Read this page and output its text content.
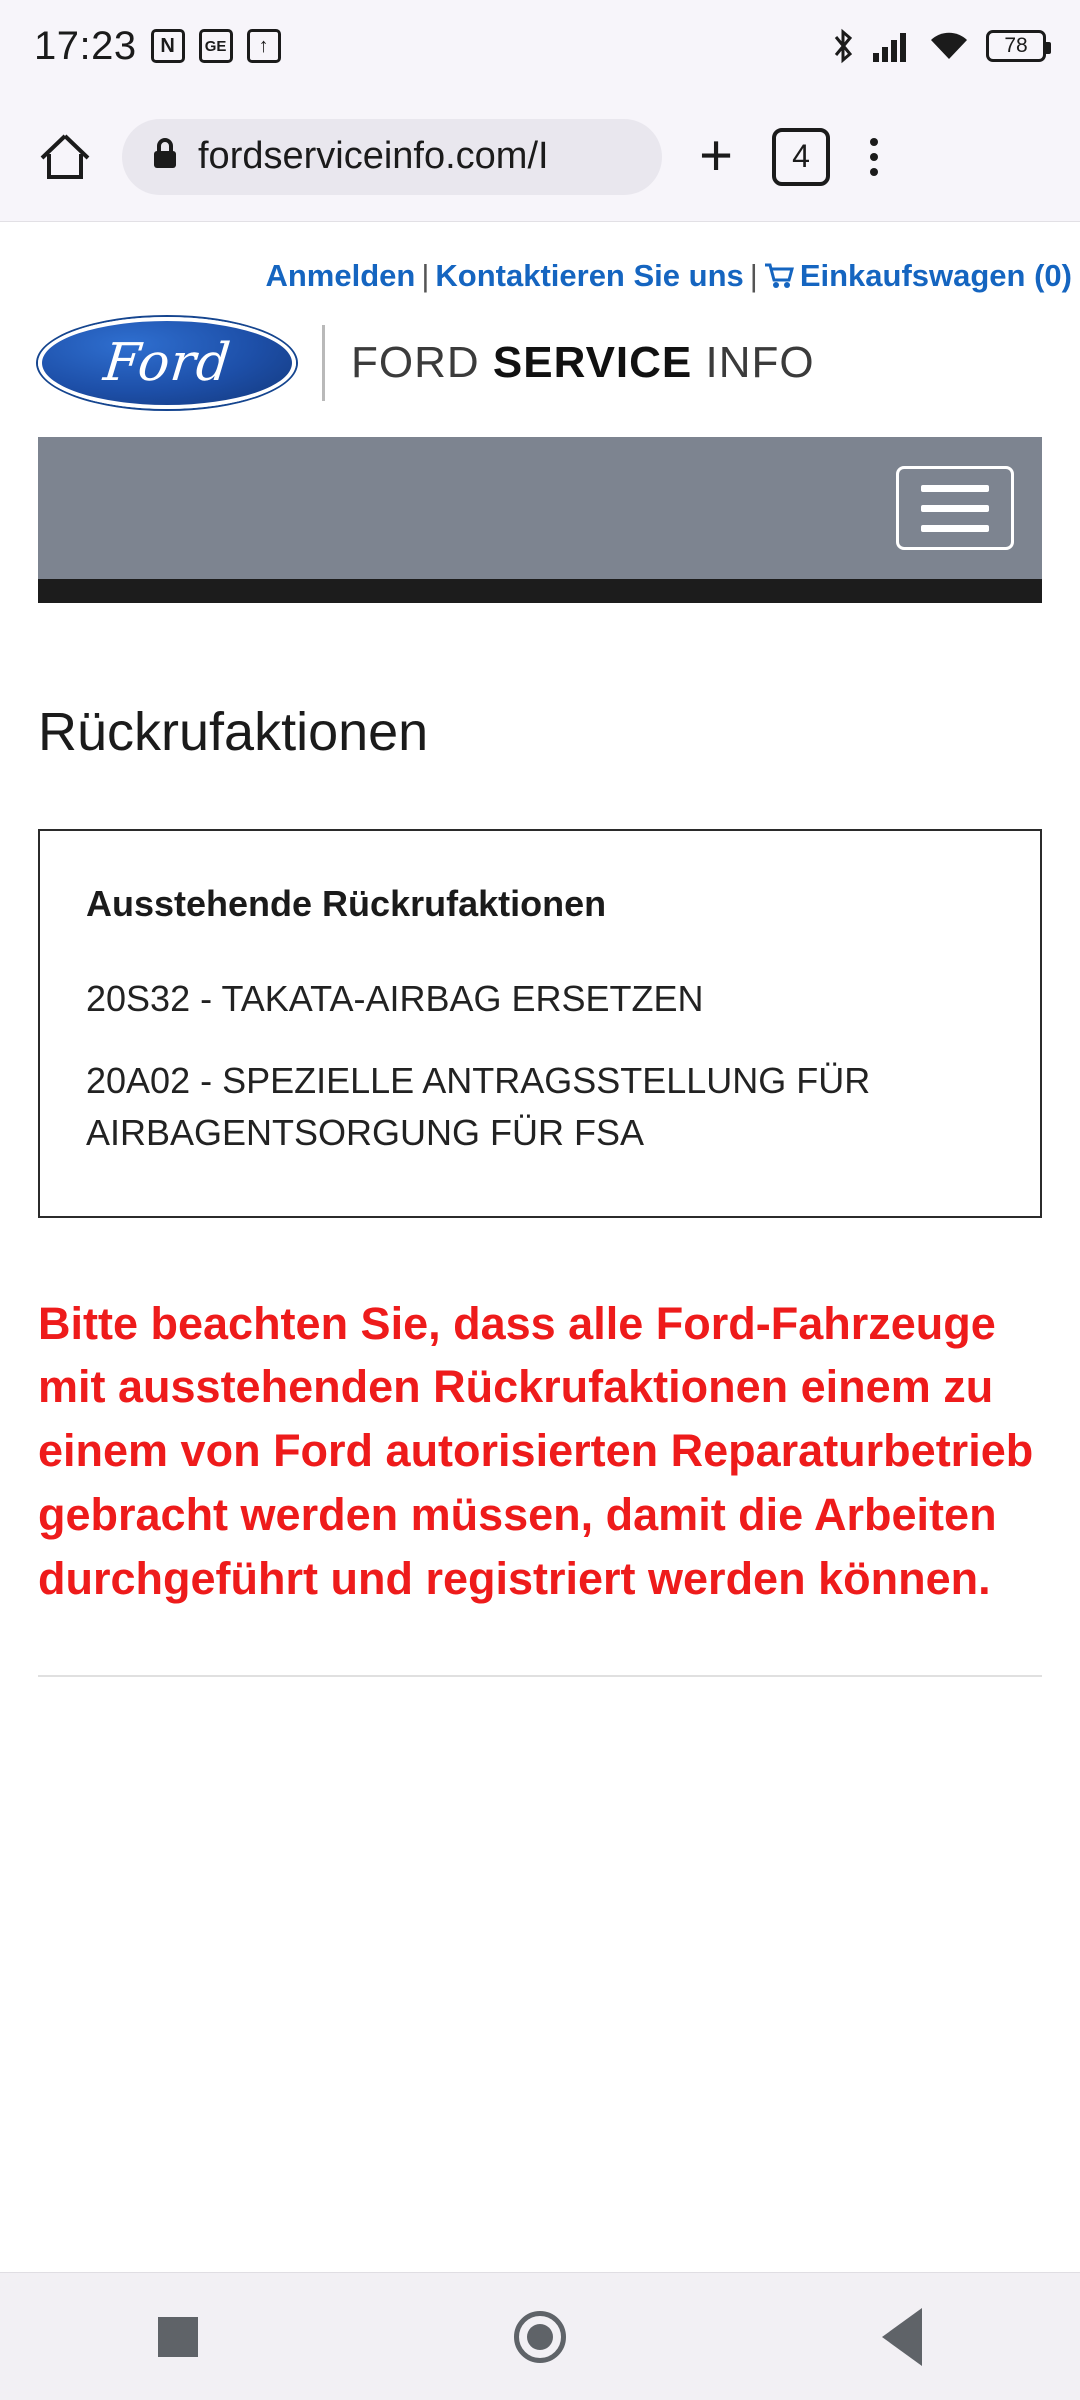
17:23	N	GE	↑	78
fordserviceinfo.com/I	+	4
Anmelden | Kontaktieren Sie uns | Einkaufswagen (0)
Ford	FORD SERVICE INFO
Rückrufaktionen
Ausstehende Rückrufaktionen
20S32 - TAKATA-AIRBAG ERSETZEN
20A02 - SPEZIELLE ANTRAGSSTELLUNG FÜR AIRBAGENTSORGUNG FÜR FSA
Bitte beachten Sie, dass alle Ford-Fahrzeuge mit ausstehenden Rückrufaktionen einem zu einem von Ford autorisierten Reparaturbetrieb gebracht werden müssen, damit die Arbeiten durchgeführt und registriert werden können.
